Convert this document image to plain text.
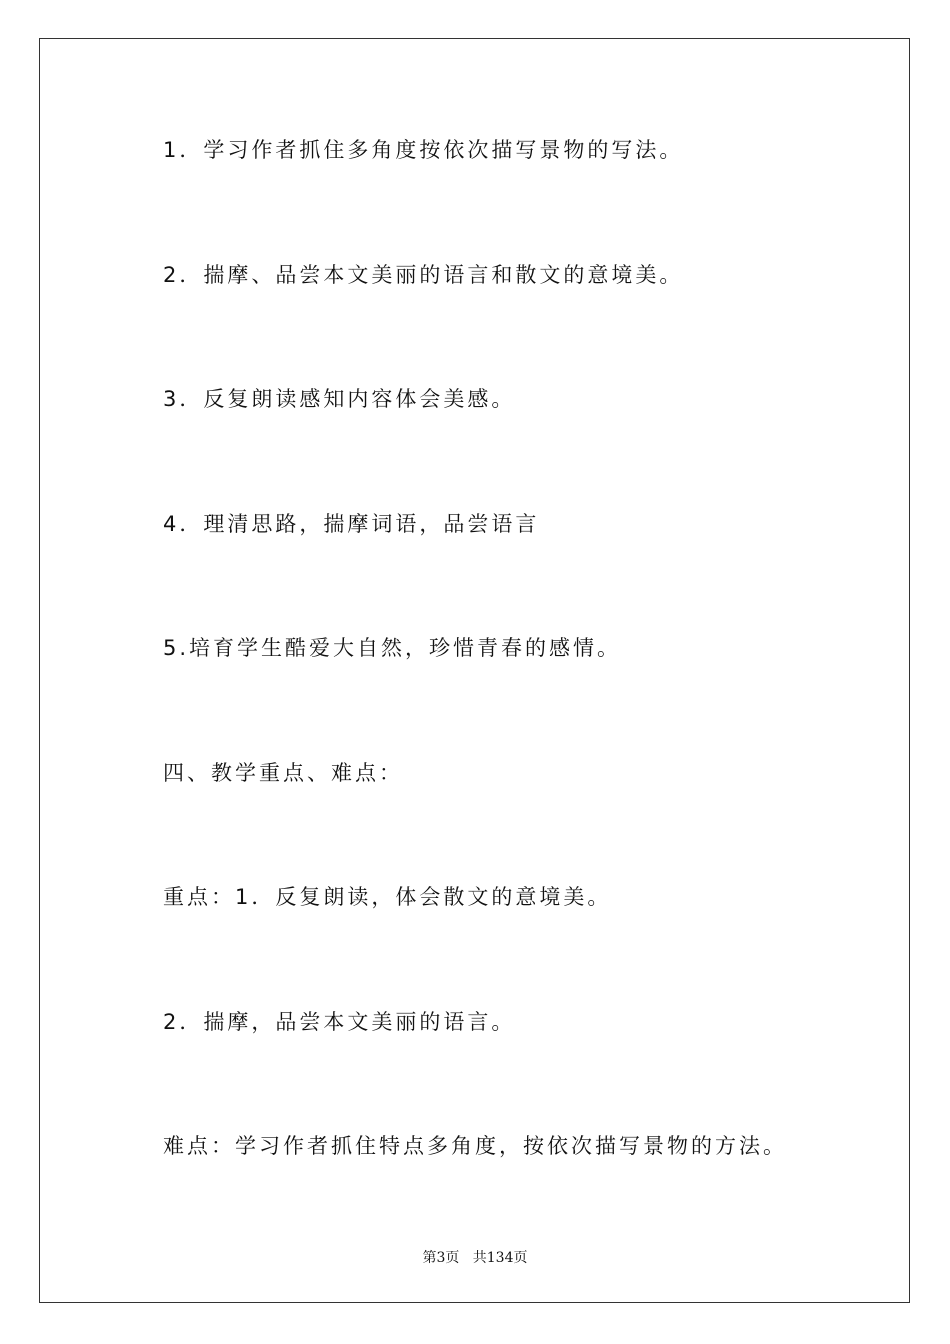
1．学习作者抓住多角度按依次描写景物的写法。
2．揣摩、品尝本文美丽的语言和散文的意境美。
3．反复朗读感知内容体会美感。
4．理清思路，揣摩词语，品尝语言
5.培育学生酷爱大自然，珍惜青春的感情。
四、教学重点、难点：
重点：1．反复朗读，体会散文的意境美。
2．揣摩，品尝本文美丽的语言。
难点：学习作者抓住特点多角度，按依次描写景物的方法。
第3页 共134页
